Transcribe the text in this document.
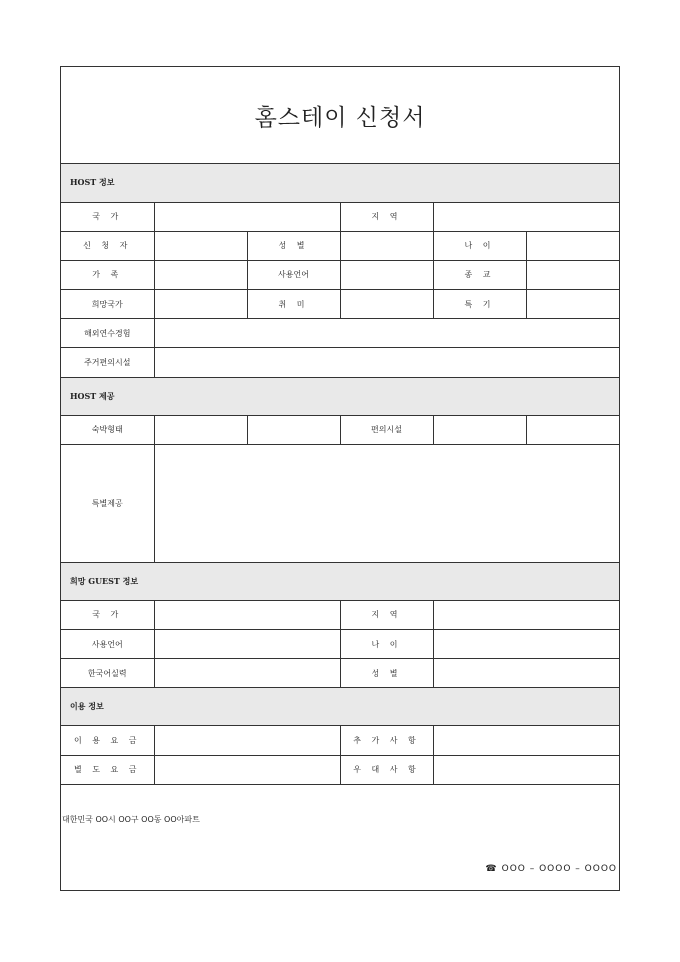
홈스테이 신청서
HOST 정보					
국 가			지 역		
신 청 자		성 별		나 이	
가 족		사용언어		종 교	
희망국가		취 미		특 기	
해외연수경험					
주거편의시설					
HOST 제공					
숙박형태			편의시설		
특별제공					
희망 GUEST 정보					
국 가			지 역		
사용언어			나 이		
한국어실력			성 별		
이용 정보					
이 용 요 금			추 가 사 항		
별 도 요 금			우 대 사 항		
대한민국 OO시 OO구 OO동 OO아파트
☎ OOO – OOOO – OOOO
